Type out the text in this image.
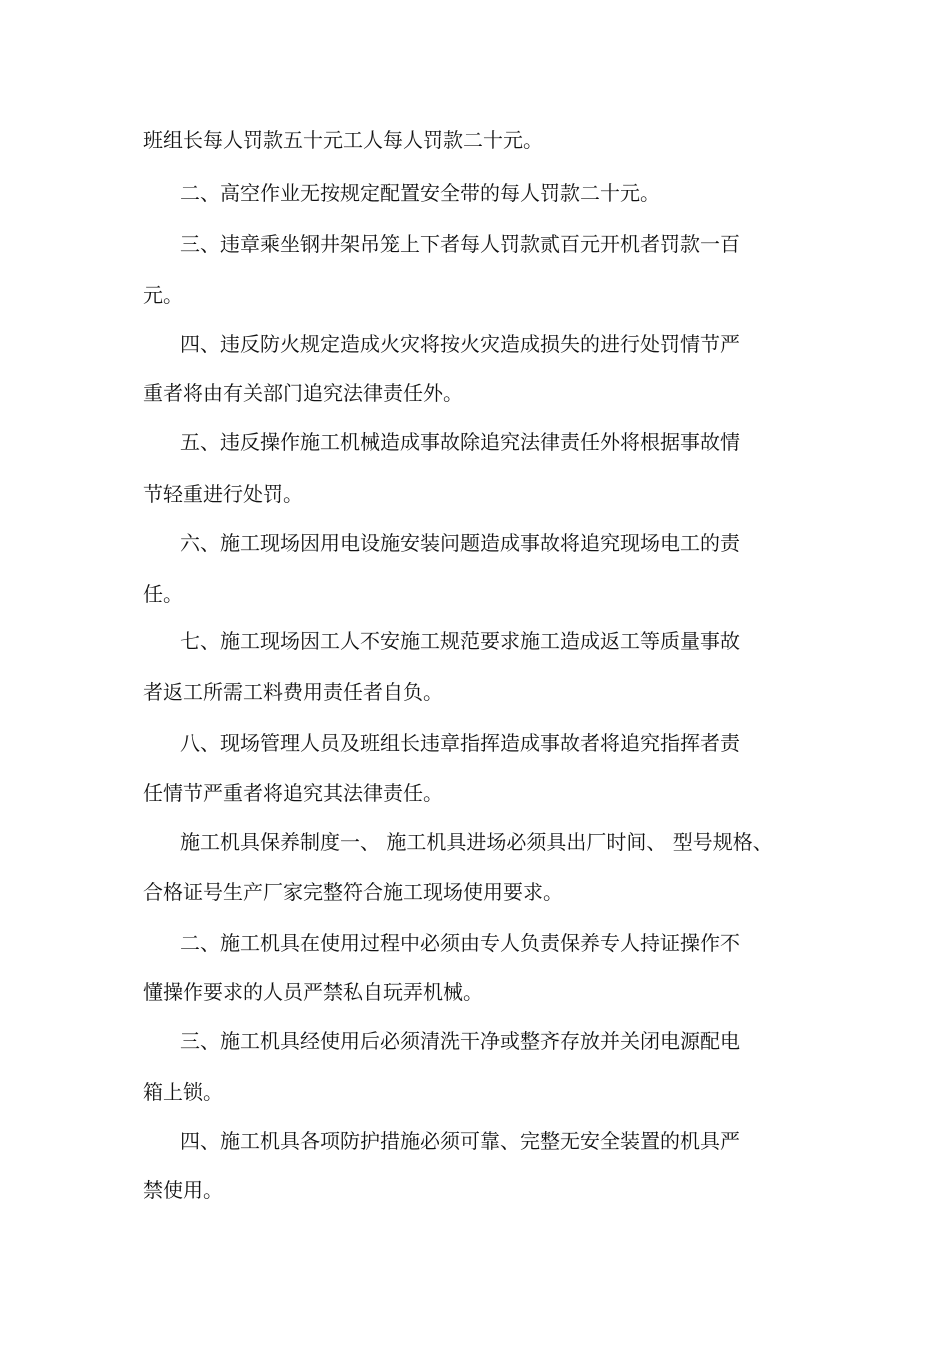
班组长每人罚款五十元工人每人罚款二十元。

二、高空作业无按规定配置安全带的每人罚款二十元。

三、违章乘坐钢井架吊笼上下者每人罚款贰百元开机者罚款一百

元。

四、违反防火规定造成火灾将按火灾造成损失的进行处罚情节严

重者将由有关部门追究法律责任外。

五、违反操作施工机械造成事故除追究法律责任外将根据事故情

节轻重进行处罚。

六、施工现场因用电设施安装问题造成事故将追究现场电工的责

任。

七、施工现场因工人不安施工规范要求施工造成返工等质量事故

者返工所需工料费用责任者自负。

八、现场管理人员及班组长违章指挥造成事故者将追究指挥者责

任情节严重者将追究其法律责任。

施工机具保养制度一、 施工机具进场必须具出厂时间、 型号规格、

合格证号生产厂家完整符合施工现场使用要求。

二、施工机具在使用过程中必须由专人负责保养专人持证操作不

懂操作要求的人员严禁私自玩弄机械。

三、施工机具经使用后必须清洗干净或整齐存放并关闭电源配电

箱上锁。

四、施工机具各项防护措施必须可靠、完整无安全装置的机具严

禁使用。
